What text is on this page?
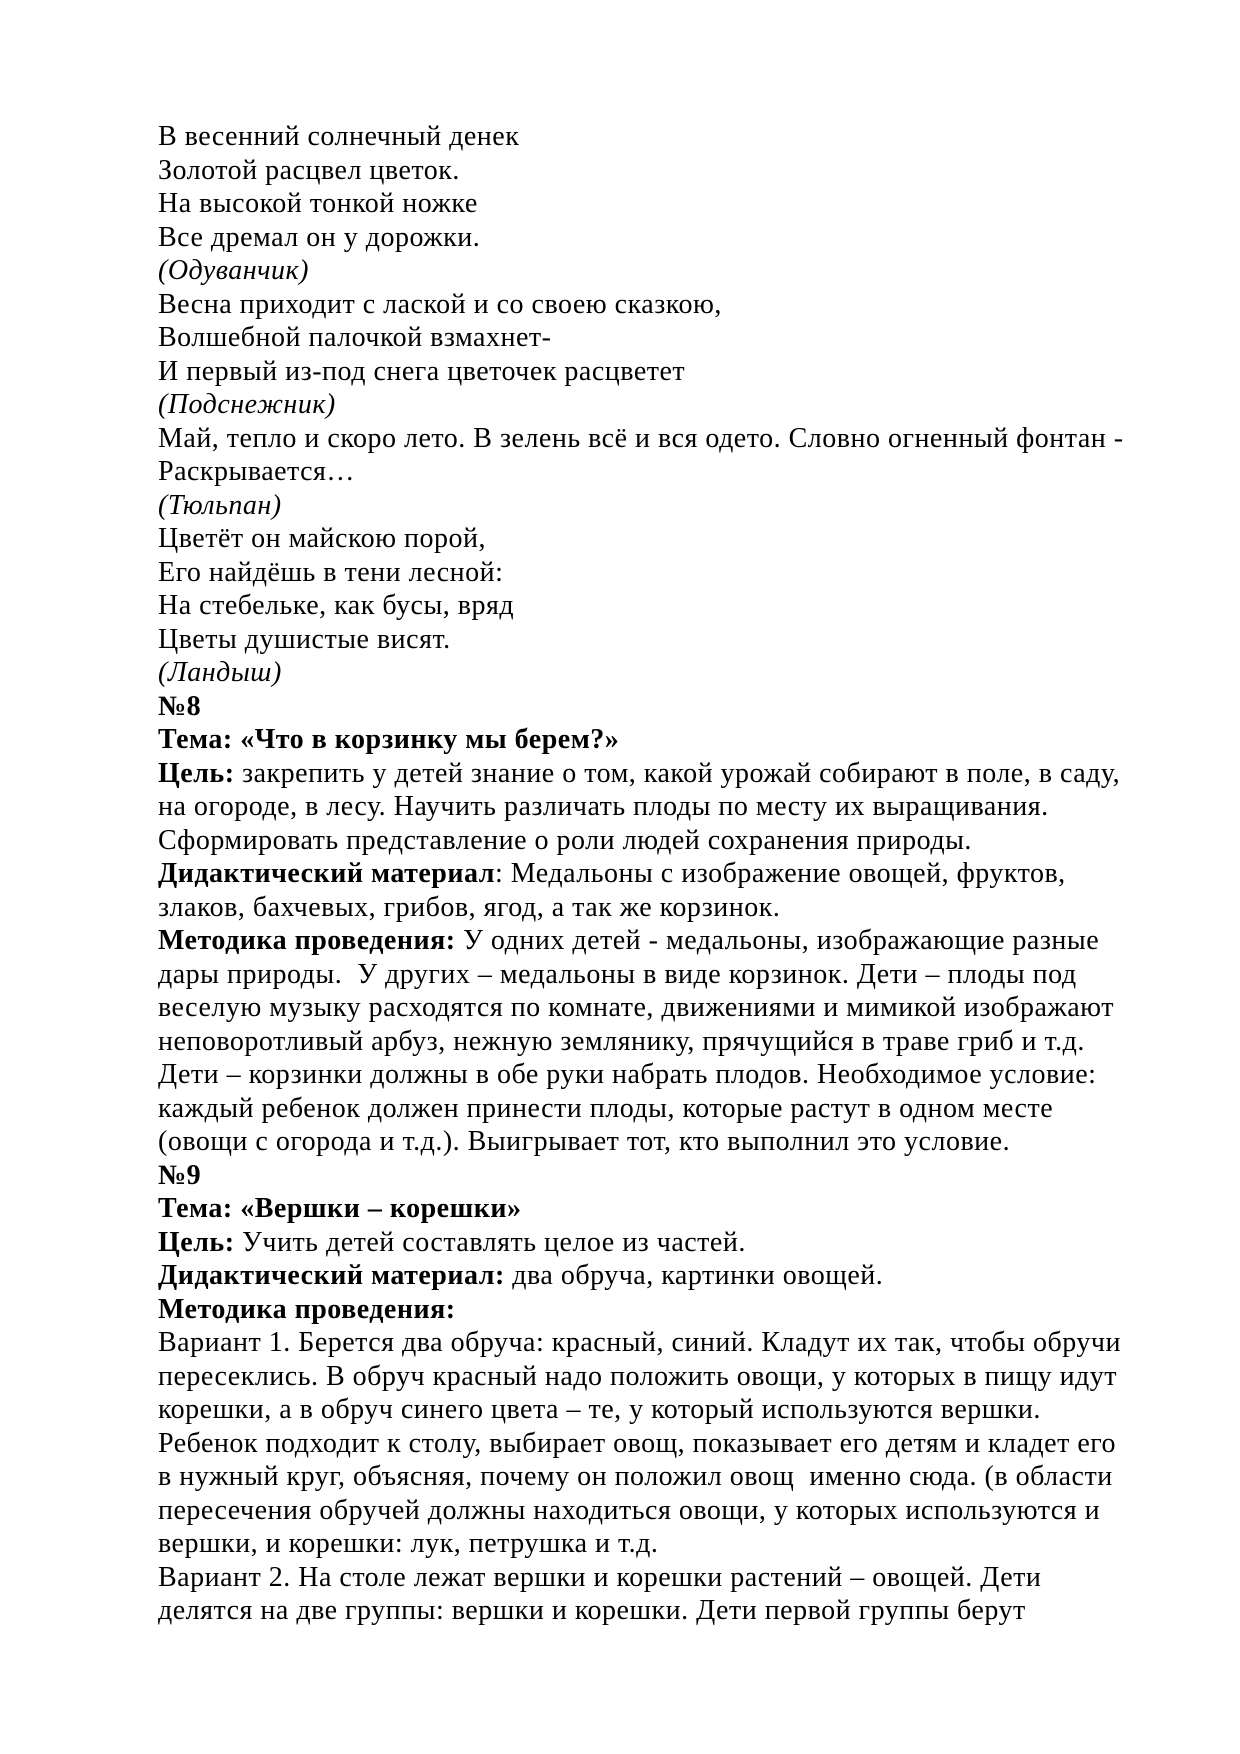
В весенний солнечный денек
Золотой расцвел цветок.
На высокой тонкой ножке
Все дремал он у дорожки.
(Одуванчик)
Весна приходит с лаской и со своею сказкою,
Волшебной палочкой взмахнет-
И первый из-под снега цветочек расцветет
(Подснежник)
Май, тепло и скоро лето. В зелень всё и вся одето. Словно огненный фонтан -
Раскрывается…
(Тюльпан)
Цветёт он майскою порой,
Его найдёшь в тени лесной:
На стебельке, как бусы, вряд
Цветы душистые висят.
(Ландыш)
№8
Тема: «Что в корзинку мы берем?»
Цель: закрепить у детей знание о том, какой урожай собирают в поле, в саду,
на огороде, в лесу. Научить различать плоды по месту их выращивания.
Сформировать представление о роли людей сохранения природы.
Дидактический материал: Медальоны с изображение овощей, фруктов,
злаков, бахчевых, грибов, ягод, а так же корзинок.
Методика проведения: У одних детей - медальоны, изображающие разные
дары природы.  У других – медальоны в виде корзинок. Дети – плоды под
веселую музыку расходятся по комнате, движениями и мимикой изображают
неповоротливый арбуз, нежную землянику, прячущийся в траве гриб и т.д.
Дети – корзинки должны в обе руки набрать плодов. Необходимое условие:
каждый ребенок должен принести плоды, которые растут в одном месте
(овощи с огорода и т.д.). Выигрывает тот, кто выполнил это условие.
№9
Тема: «Вершки – корешки»
Цель: Учить детей составлять целое из частей.
Дидактический материал: два обруча, картинки овощей.
Методика проведения:
Вариант 1. Берется два обруча: красный, синий. Кладут их так, чтобы обручи
пересеклись. В обруч красный надо положить овощи, у которых в пищу идут
корешки, а в обруч синего цвета – те, у который используются вершки.
Ребенок подходит к столу, выбирает овощ, показывает его детям и кладет его
в нужный круг, объясняя, почему он положил овощ  именно сюда. (в области
пересечения обручей должны находиться овощи, у которых используются и
вершки, и корешки: лук, петрушка и т.д.
Вариант 2. На столе лежат вершки и корешки растений – овощей. Дети
делятся на две группы: вершки и корешки. Дети первой группы берут
